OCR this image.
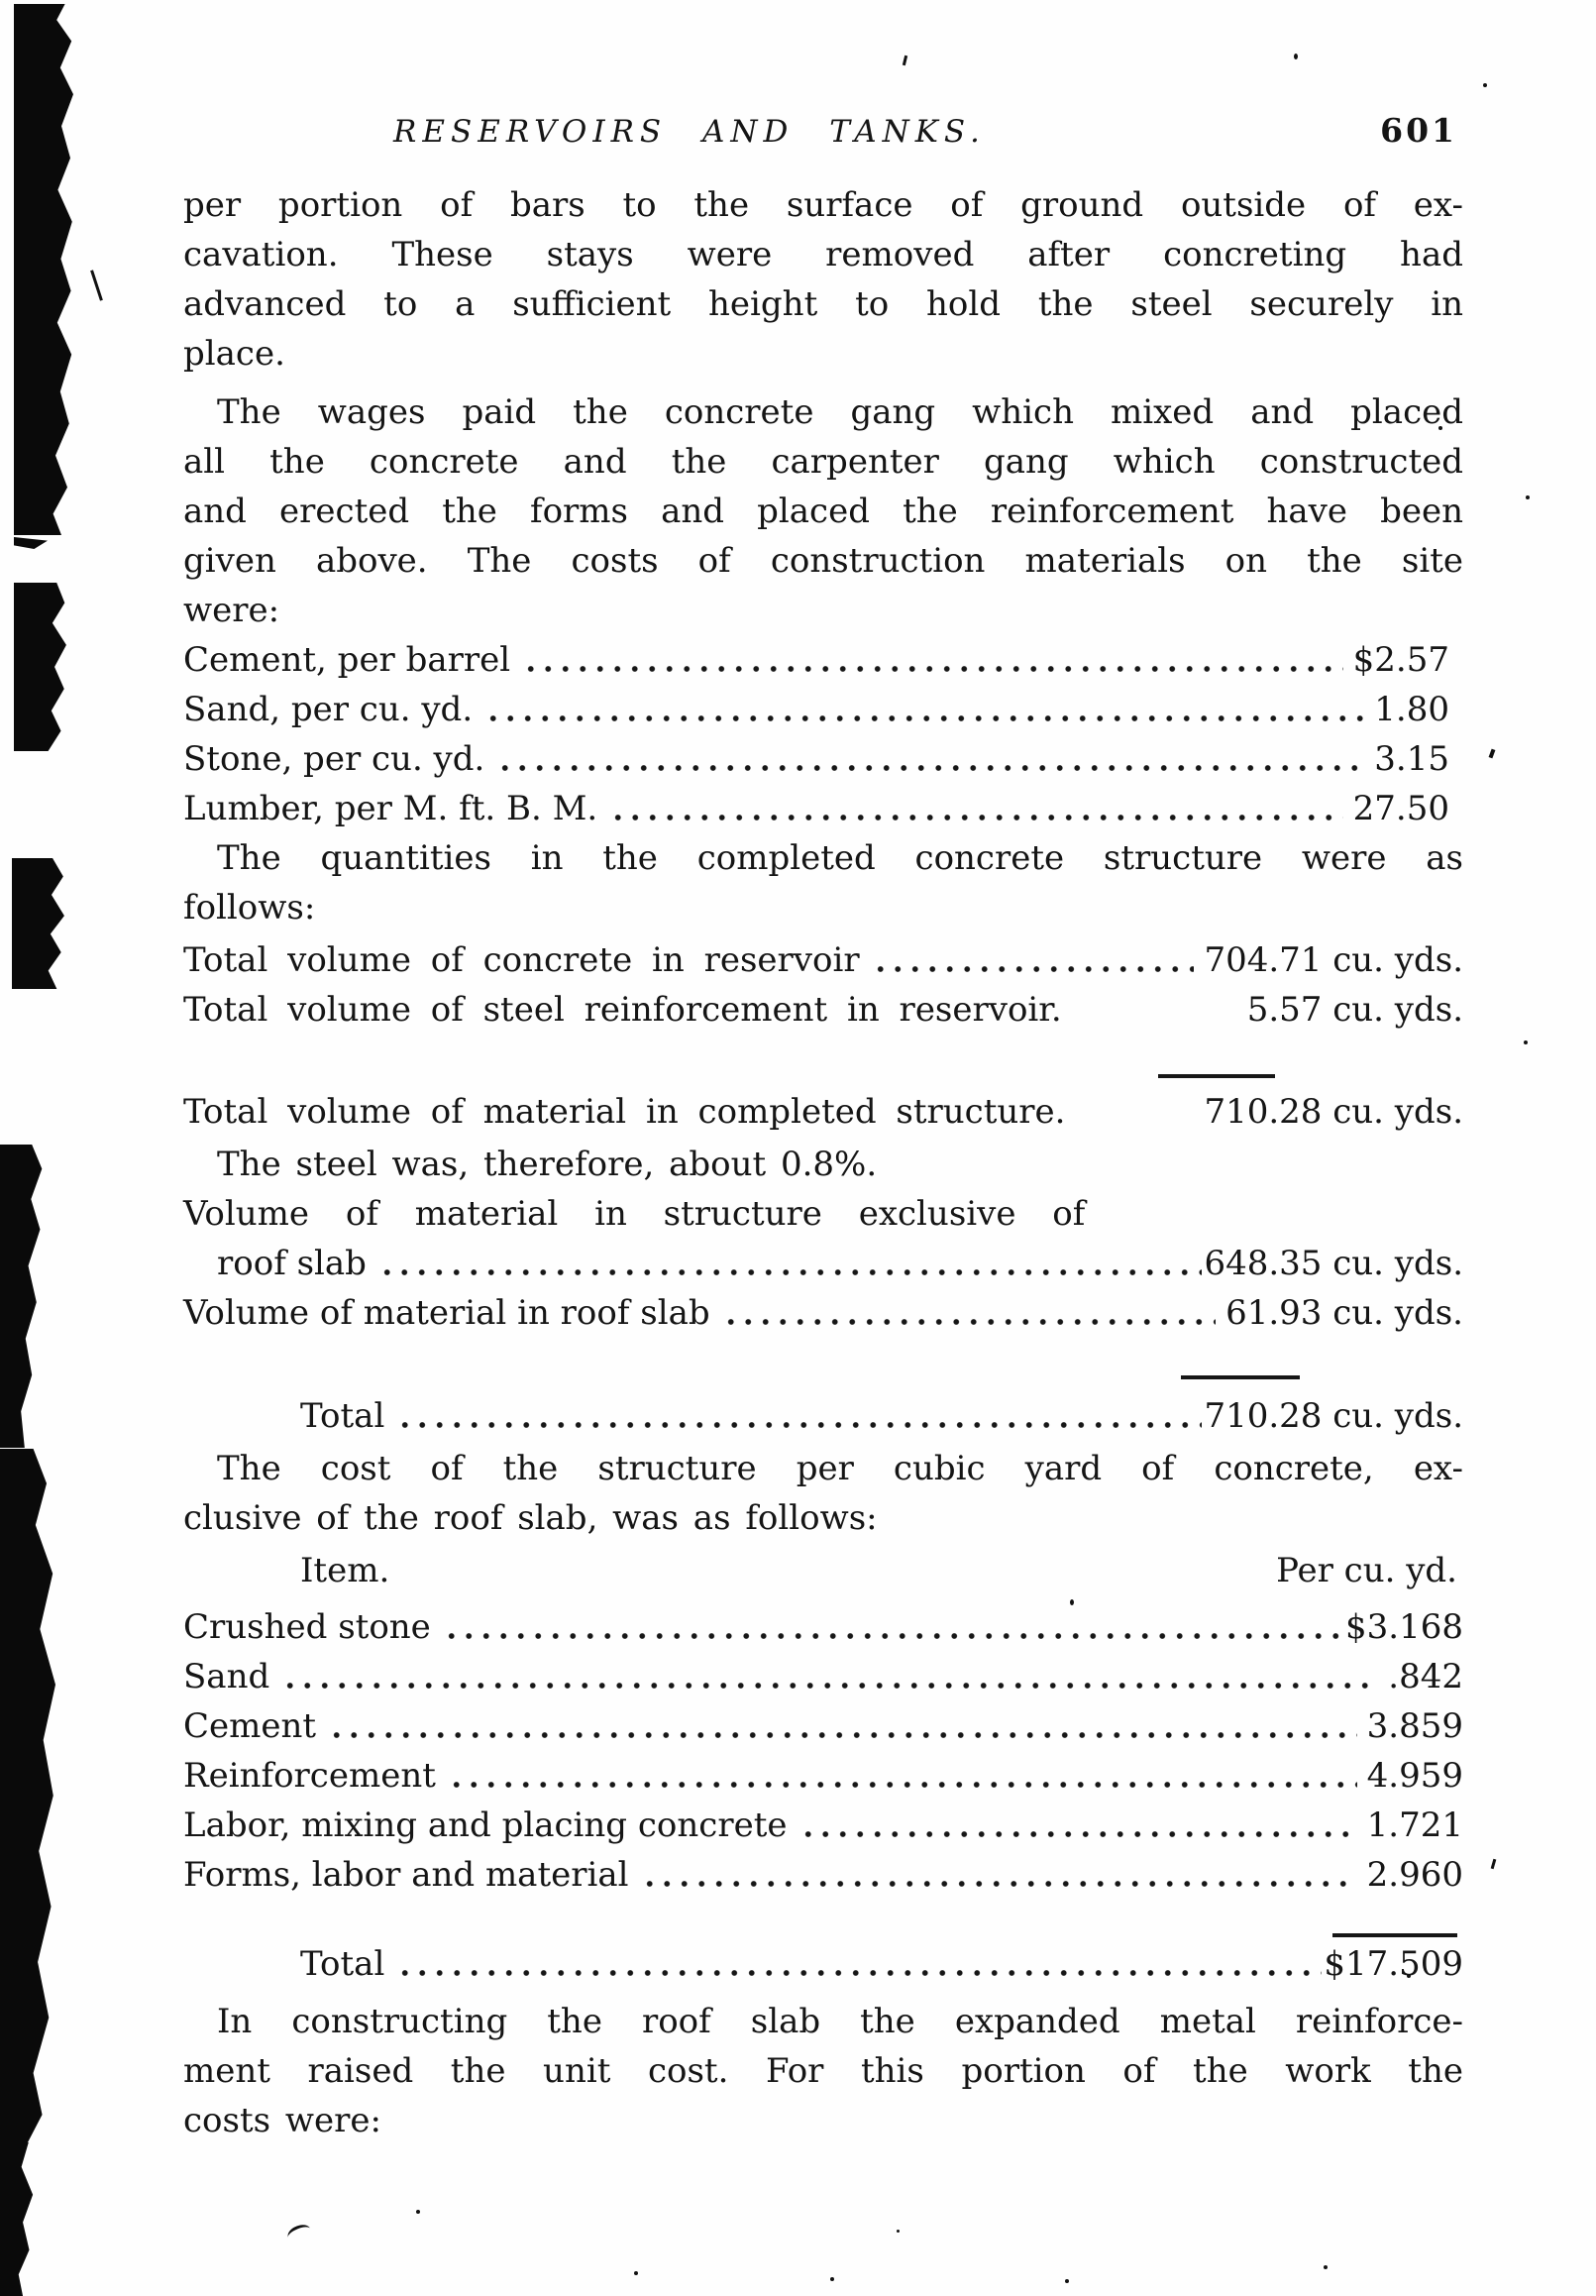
RESERVOIRS AND TANKS.	601
per portion of bars to the surface of ground outside of ex-
cavation. These stays were removed after concreting had
advanced to a sufficient height to hold the steel securely in
place.
The wages paid the concrete gang which mixed and placed
all the concrete and the carpenter gang which constructed
and erected the forms and placed the reinforcement have been
given above. The costs of construction materials on the site
were:
Cement, per barrel	$2.57
Sand, per cu. yd.	1.80
Stone, per cu. yd.	3.15
Lumber, per M. ft. B. M.	27.50
The quantities in the completed concrete structure were as
follows:
Total volume of concrete in reservoir	704.71 cu. yds.
Total volume of steel reinforcement in reservoir.	5.57 cu. yds.
Total volume of material in completed structure.	710.28 cu. yds.
The steel was, therefore, about 0.8%.
Volume of material in structure exclusive of
roof slab	648.35 cu. yds.
Volume of material in roof slab	61.93 cu. yds.
Total	710.28 cu. yds.
The cost of the structure per cubic yard of concrete, ex-
clusive of the roof slab, was as follows:
Item.	Per cu. yd.
Crushed stone	$3.168
Sand	.842
Cement	3.859
Reinforcement	4.959
Labor, mixing and placing concrete	1.721
Forms, labor and material	2.960
Total	$17.509
In constructing the roof slab the expanded metal reinforce-
ment raised the unit cost. For this portion of the work the
costs were:
